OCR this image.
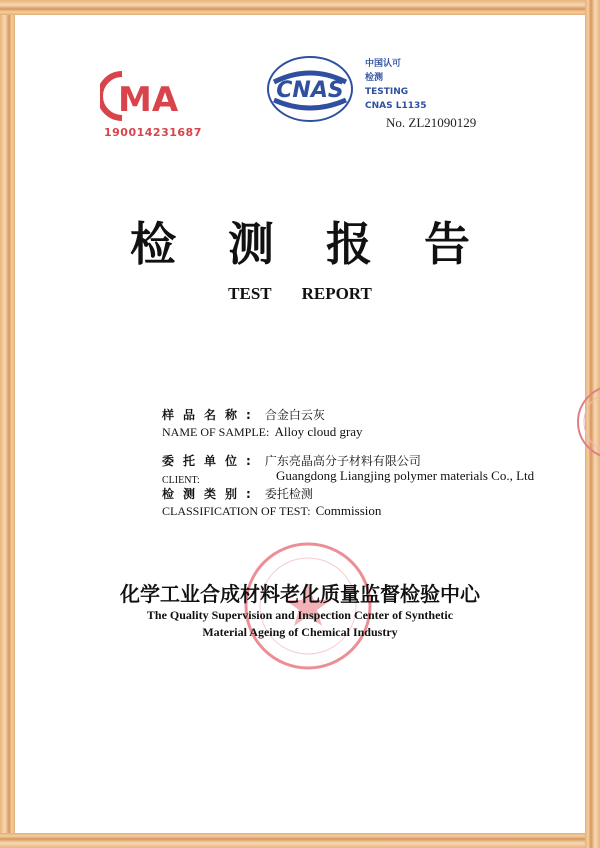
MA
190014231687
CNAS
中国认可
检测
TESTING
CNAS L1135
No. ZL21090129
检测报告
TEST REPORT
样品名称: 合金白云灰
NAME OF SAMPLE: Alloy cloud gray
委托单位: 广东亮晶高分子材料有限公司
CLIENT:	Guangdong Liangjing polymer materials Co., Ltd
检测类别: 委托检测
CLASSIFICATION OF TEST: Commission
化学工业合成材料老化质量监督检验中心
The Quality Supervision and Inspection Center of Synthetic
Material Ageing of Chemical Industry
